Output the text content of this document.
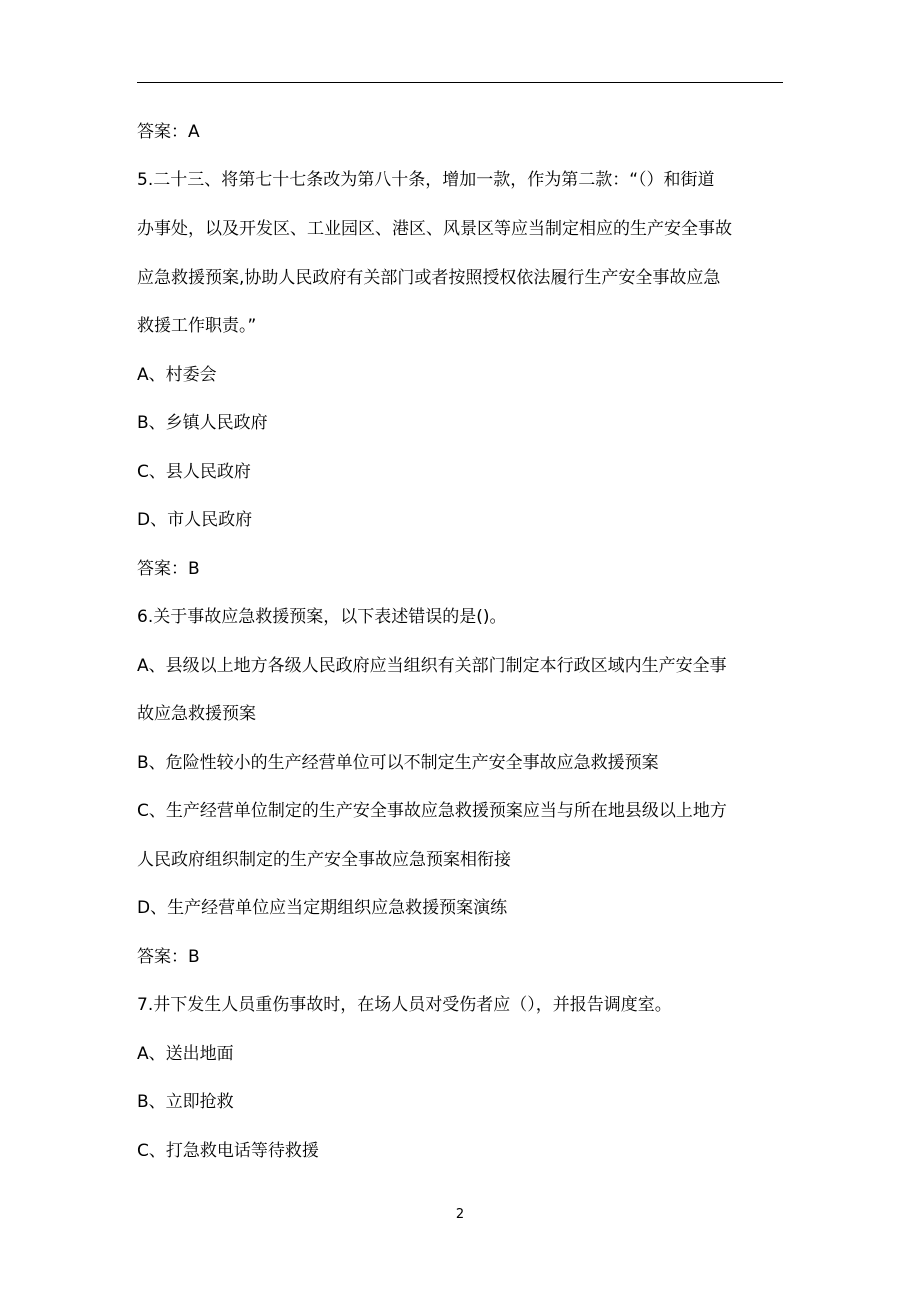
答案：A
5.二十三、将第七十七条改为第八十条，增加一款，作为第二款：“（）和街道
办事处，以及开发区、工业园区、港区、风景区等应当制定相应的生产安全事故
应急救援预案,协助人民政府有关部门或者按照授权依法履行生产安全事故应急
救援工作职责。”
A、村委会
B、乡镇人民政府
C、县人民政府
D、市人民政府
答案：B
6.关于事故应急救援预案，以下表述错误的是()。
A、县级以上地方各级人民政府应当组织有关部门制定本行政区域内生产安全事
故应急救援预案
B、危险性较小的生产经营单位可以不制定生产安全事故应急救援预案
C、生产经营单位制定的生产安全事故应急救援预案应当与所在地县级以上地方
人民政府组织制定的生产安全事故应急预案相衔接
D、生产经营单位应当定期组织应急救援预案演练
答案：B
7.井下发生人员重伤事故时，在场人员对受伤者应（），并报告调度室。
A、送出地面
B、立即抢救
C、打急救电话等待救援
2
